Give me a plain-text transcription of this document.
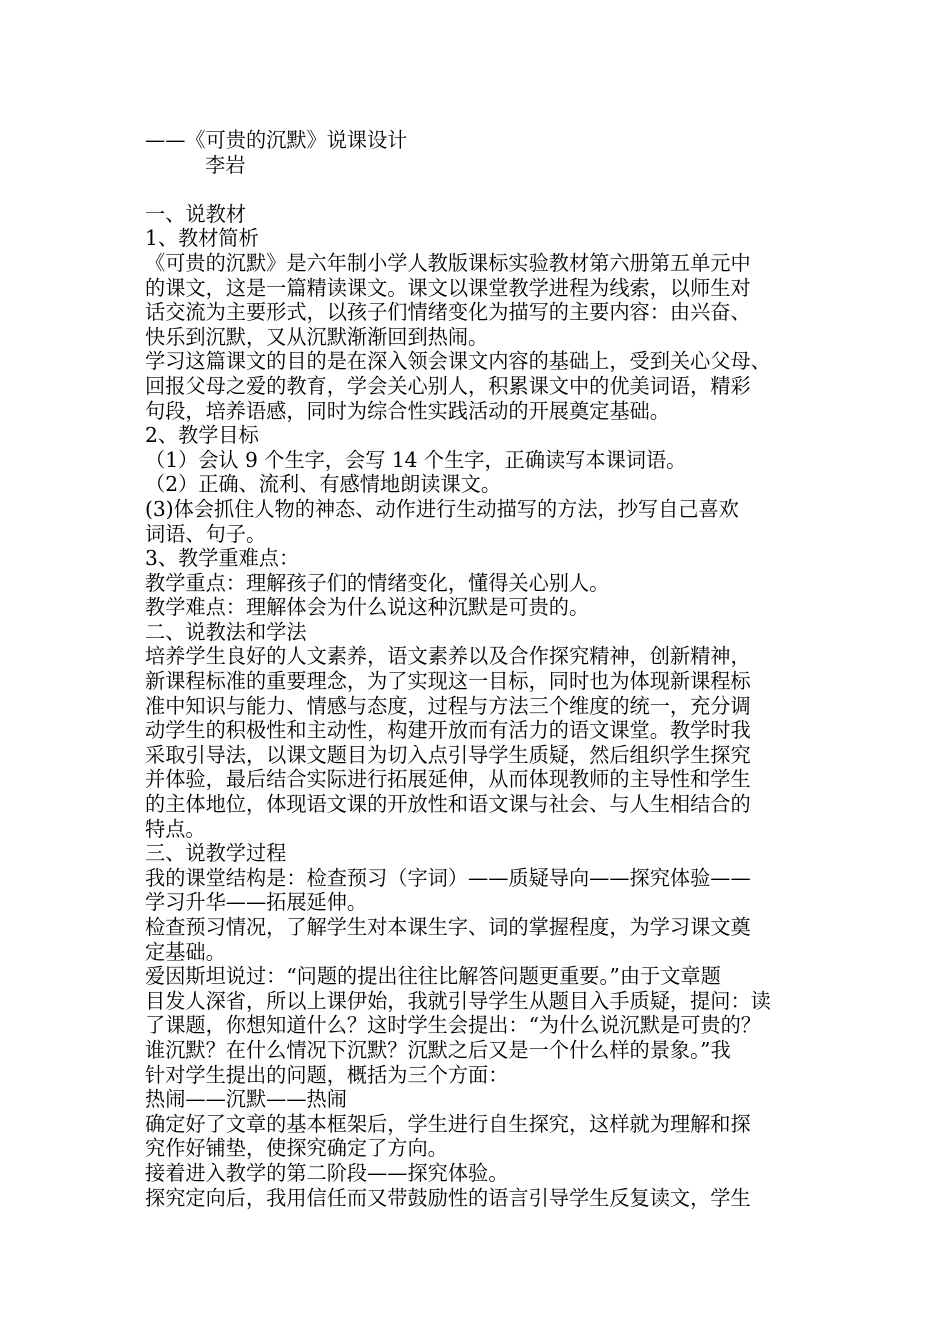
——《可贵的沉默》说课设计
李岩
一、说教材
1、教材简析
《可贵的沉默》是六年制小学人教版课标实验教材第六册第五单元中
的课文，这是一篇精读课文。课文以课堂教学进程为线索，以师生对
话交流为主要形式，以孩子们情绪变化为描写的主要内容：由兴奋、
快乐到沉默，又从沉默渐渐回到热闹。
学习这篇课文的目的是在深入领会课文内容的基础上，受到关心父母、
回报父母之爱的教育，学会关心别人，积累课文中的优美词语，精彩
句段，培养语感，同时为综合性实践活动的开展奠定基础。
2、教学目标
（1）会认 9 个生字，会写 14 个生字，正确读写本课词语。
（2）正确、流利、有感情地朗读课文。
(3)体会抓住人物的神态、动作进行生动描写的方法，抄写自己喜欢
词语、句子。
3、教学重难点：
教学重点：理解孩子们的情绪变化，懂得关心别人。
教学难点：理解体会为什么说这种沉默是可贵的。
二、说教法和学法
培养学生良好的人文素养，语文素养以及合作探究精神，创新精神，
新课程标准的重要理念，为了实现这一目标，同时也为体现新课程标
准中知识与能力、情感与态度，过程与方法三个维度的统一，充分调
动学生的积极性和主动性，构建开放而有活力的语文课堂。教学时我
采取引导法，以课文题目为切入点引导学生质疑，然后组织学生探究
并体验，最后结合实际进行拓展延伸，从而体现教师的主导性和学生
的主体地位，体现语文课的开放性和语文课与社会、与人生相结合的
特点。
三、说教学过程
我的课堂结构是：检查预习（字词）——质疑导向——探究体验——
学习升华——拓展延伸。
检查预习情况，了解学生对本课生字、词的掌握程度，为学习课文奠
定基础。
爱因斯坦说过：“问题的提出往往比解答问题更重要。”由于文章题
目发人深省，所以上课伊始，我就引导学生从题目入手质疑，提问：读
了课题，你想知道什么？这时学生会提出：“为什么说沉默是可贵的？
谁沉默？在什么情况下沉默？沉默之后又是一个什么样的景象。”我
针对学生提出的问题，概括为三个方面：
热闹——沉默——热闹
确定好了文章的基本框架后，学生进行自生探究，这样就为理解和探
究作好铺垫，使探究确定了方向。
接着进入教学的第二阶段——探究体验。
探究定向后，我用信任而又带鼓励性的语言引导学生反复读文，学生
